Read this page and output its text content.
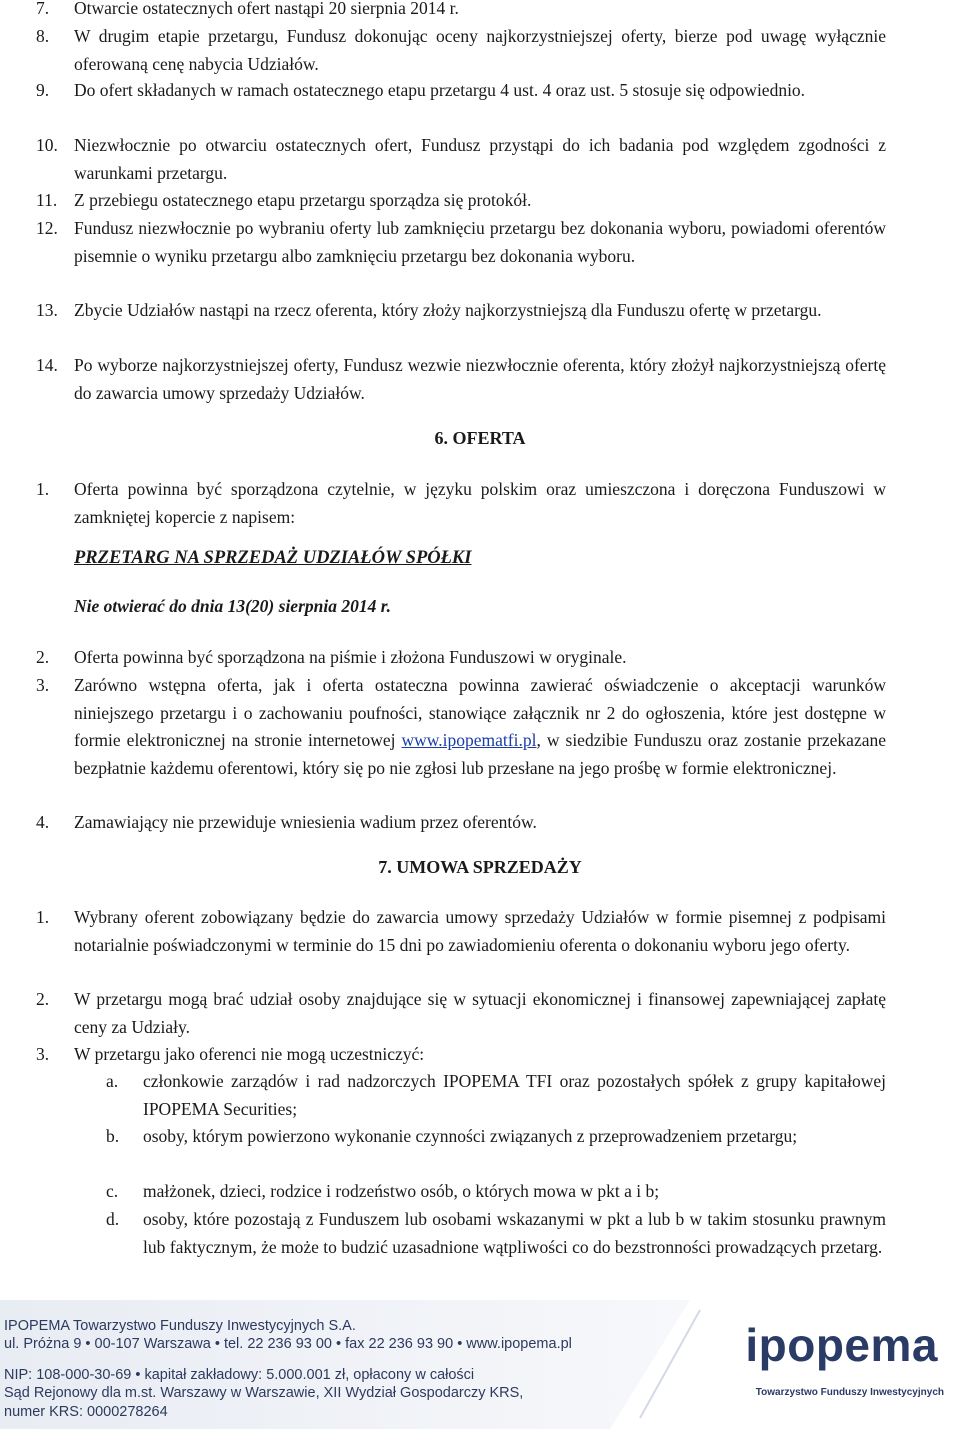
7. Otwarcie ostatecznych ofert nastąpi 20 sierpnia 2014 r.
8. W drugim etapie przetargu, Fundusz dokonując oceny najkorzystniejszej oferty, bierze pod uwagę wyłącznie oferowaną cenę nabycia Udziałów.
9. Do ofert składanych w ramach ostatecznego etapu przetargu 4 ust. 4 oraz ust. 5 stosuje się odpowiednio.
10. Niezwłocznie po otwarciu ostatecznych ofert, Fundusz przystąpi do ich badania pod względem zgodności z warunkami przetargu.
11. Z przebiegu ostatecznego etapu przetargu sporządza się protokół.
12. Fundusz niezwłocznie po wybraniu oferty lub zamknięciu przetargu bez dokonania wyboru, powiadomi oferentów pisemnie o wyniku przetargu albo zamknięciu przetargu bez dokonania wyboru.
13. Zbycie Udziałów nastąpi na rzecz oferenta, który złoży najkorzystniejszą dla Funduszu ofertę w przetargu.
14. Po wyborze najkorzystniejszej oferty, Fundusz wezwie niezwłocznie oferenta, który złożył najkorzystniejszą ofertę do zawarcia umowy sprzedaży Udziałów.
6. OFERTA
1. Oferta powinna być sporządzona czytelnie, w języku polskim oraz umieszczona i doręczona Funduszowi w zamkniętej kopercie z napisem:
PRZETARG NA SPRZEDAŻ UDZIAŁÓW SPÓŁKI
Nie otwierać do dnia 13(20) sierpnia 2014 r.
2. Oferta powinna być sporządzona na piśmie i złożona Funduszowi w oryginale.
3. Zarówno wstępna oferta, jak i oferta ostateczna powinna zawierać oświadczenie o akceptacji warunków niniejszego przetargu i o zachowaniu poufności, stanowiące załącznik nr 2 do ogłoszenia, które jest dostępne w formie elektronicznej na stronie internetowej www.ipopematfi.pl, w siedzibie Funduszu oraz zostanie przekazane bezpłatnie każdemu oferentowi, który się po nie zgłosi lub przesłane na jego prośbę w formie elektronicznej.
4. Zamawiający nie przewiduje wniesienia wadium przez oferentów.
7. UMOWA SPRZEDAŻY
1. Wybrany oferent zobowiązany będzie do zawarcia umowy sprzedaży Udziałów w formie pisemnej z podpisami notarialnie poświadczonymi w terminie do 15 dni po zawiadomieniu oferenta o dokonaniu wyboru jego oferty.
2. W przetargu mogą brać udział osoby znajdujące się w sytuacji ekonomicznej i finansowej zapewniającej zapłatę ceny za Udziały.
3. W przetargu jako oferenci nie mogą uczestniczyć:
a. członkowie zarządów i rad nadzorczych IPOPEMA TFI oraz pozostałych spółek z grupy kapitałowej IPOPEMA Securities;
b. osoby, którym powierzono wykonanie czynności związanych z przeprowadzeniem przetargu;
c. małżonek, dzieci, rodzice i rodzeństwo osób, o których mowa w pkt a i b;
d. osoby, które pozostają z Funduszem lub osobami wskazanymi w pkt a lub b w takim stosunku prawnym lub faktycznym, że może to budzić uzasadnione wątpliwości co do bezstronności prowadzących przetarg.
IPOPEMA Towarzystwo Funduszy Inwestycyjnych S.A.
ul. Próżna 9 • 00-107 Warszawa • tel. 22 236 93 00 • fax 22 236 93 90 • www.ipopema.pl
NIP: 108-000-30-69 • kapitał zakładowy: 5.000.001 zł, opłacony w całości
Sąd Rejonowy dla m.st. Warszawy w Warszawie, XII Wydział Gospodarczy KRS,
numer KRS: 0000278264
ipopema
Towarzystwo Funduszy Inwestycyjnych
